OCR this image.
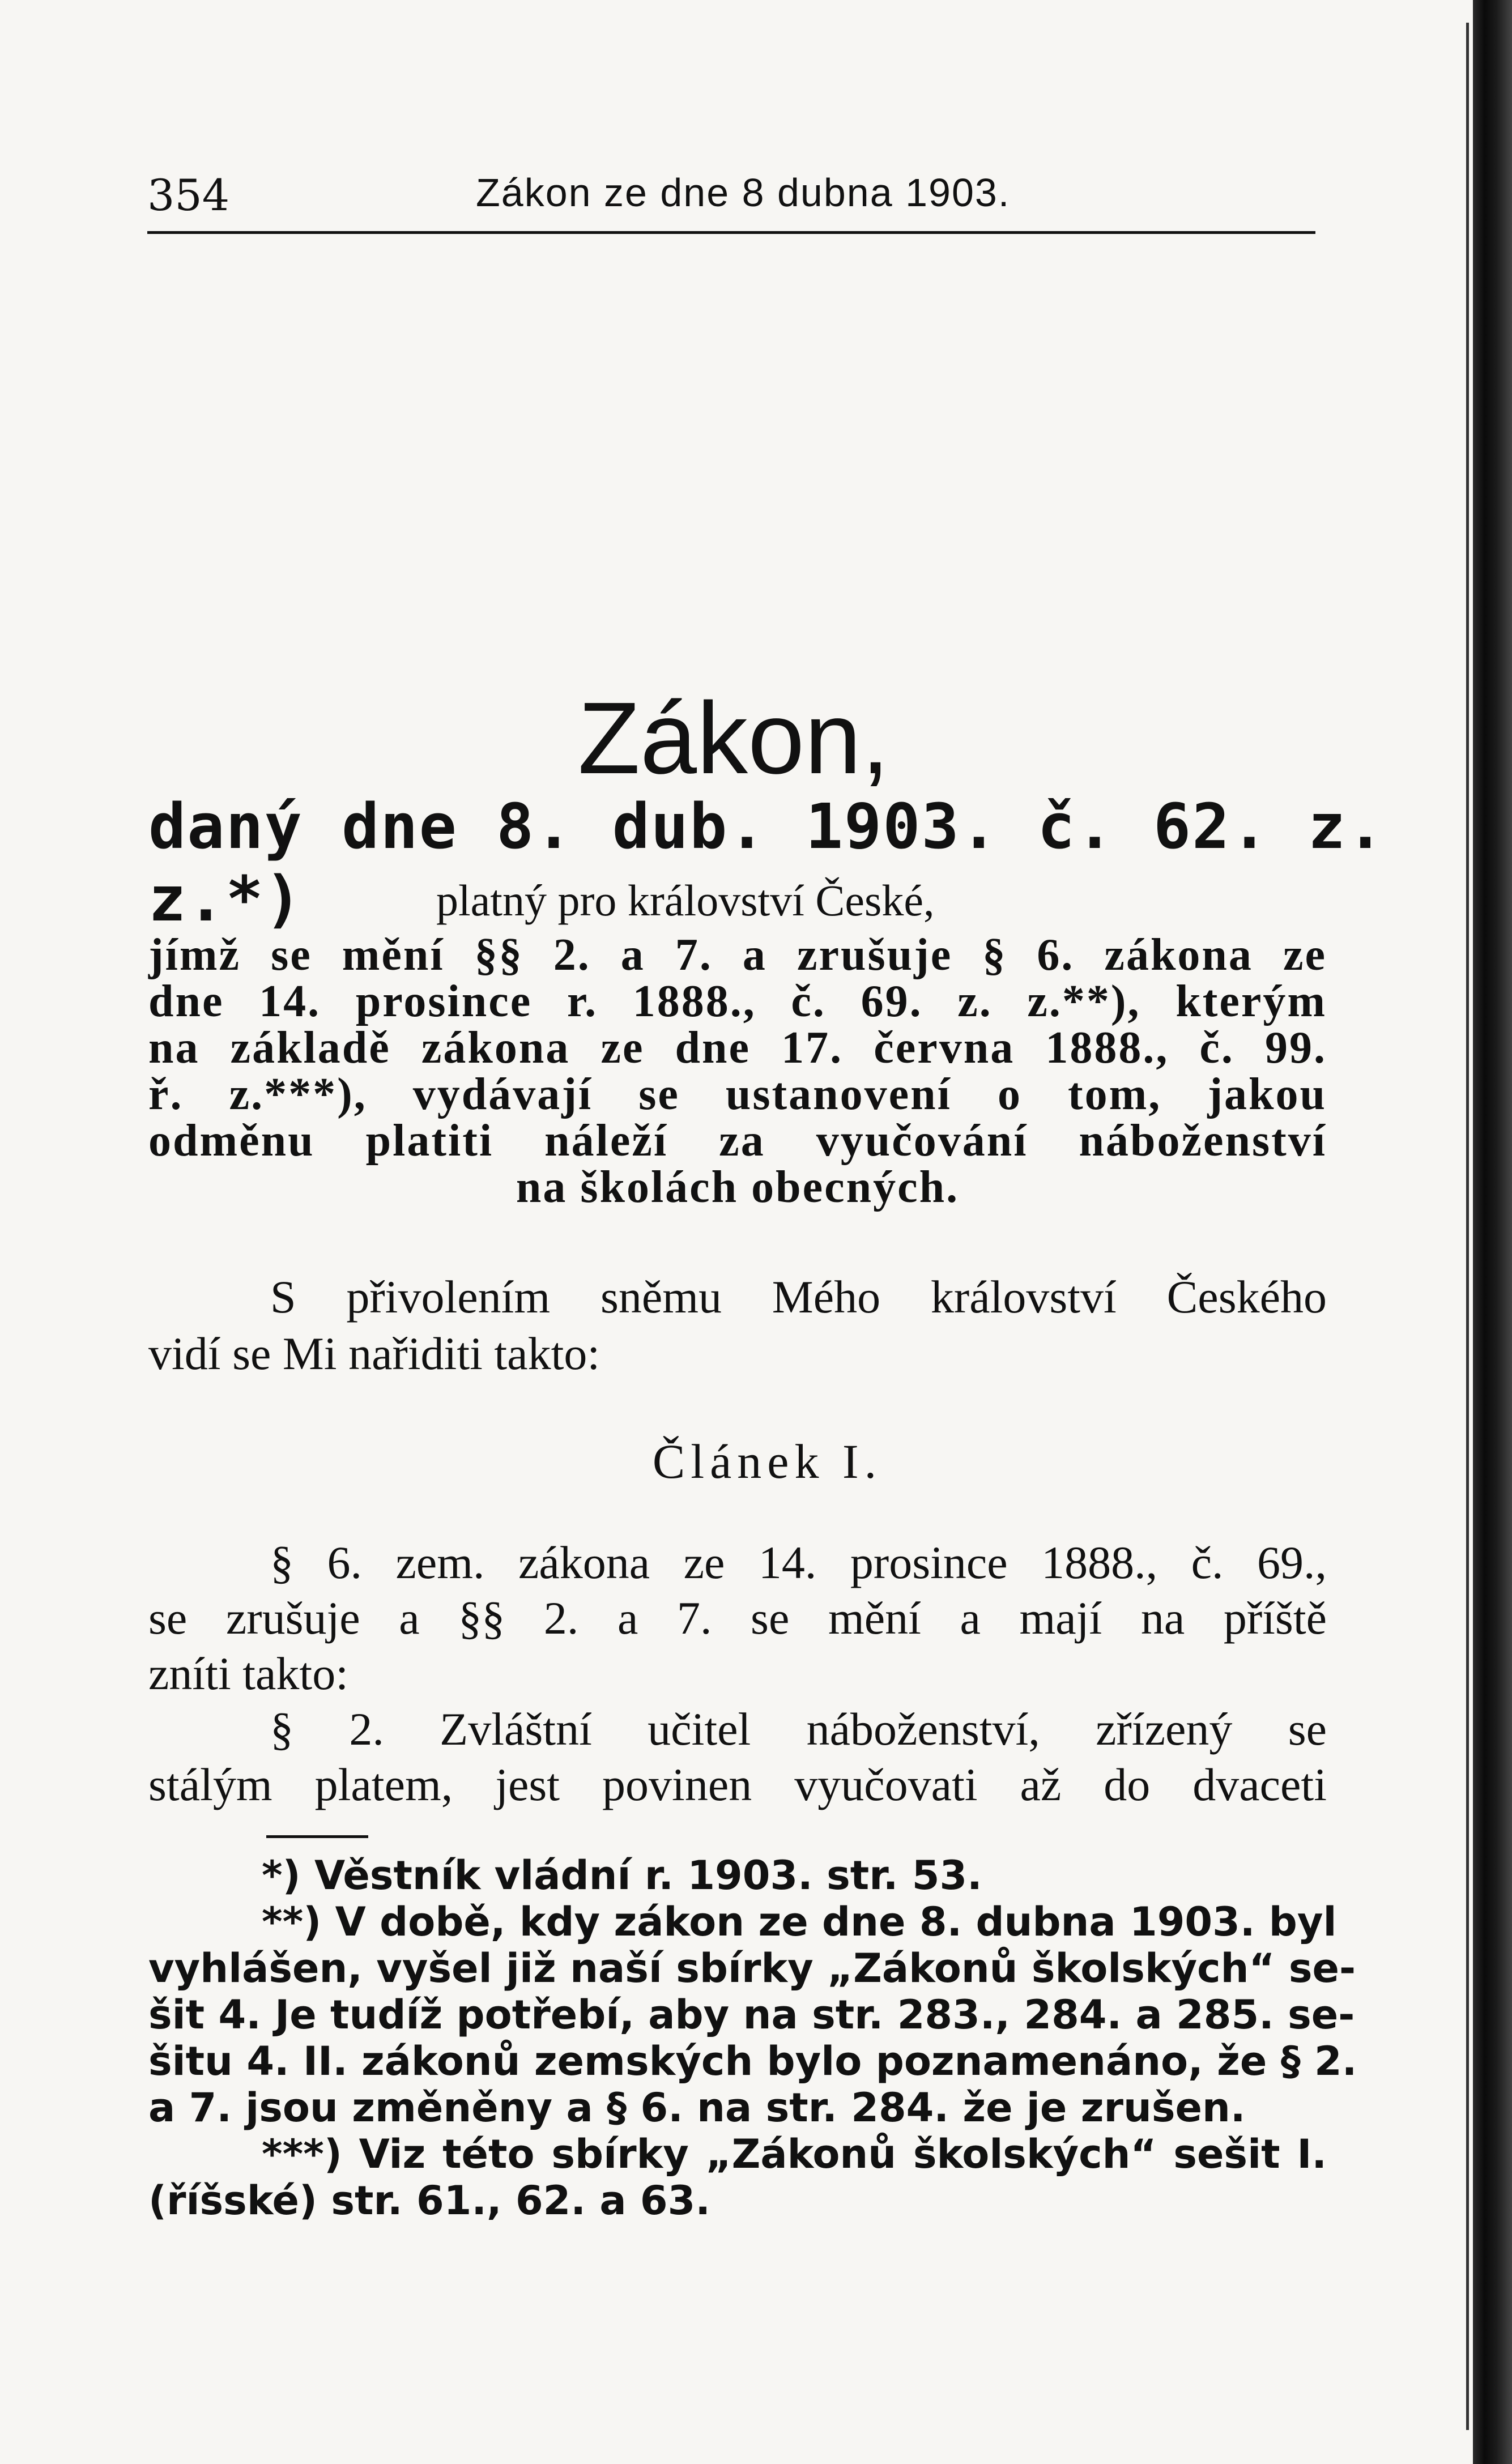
354	Zákon ze dne 8 dubna 1903.
Zákon,
daný dne 8. dub. 1903. č. 62. z. z.*)	platný pro království České,
jímž se mění §§ 2. a 7. a zrušuje § 6. zákona ze
dne 14. prosince r. 1888., č. 69. z. z.**), kterým
na základě zákona ze dne 17. června 1888., č. 99.
ř. z.***), vydávají se ustanovení o tom, jakou
odměnu platiti náleží za vyučování náboženství
na školách obecných.
S přivolením sněmu Mého království Českého
vidí se Mi nařiditi takto:
Článek I.
§ 6. zem. zákona ze 14. prosince 1888., č. 69.,
se zrušuje a §§ 2. a 7. se mění a mají na příště
zníti takto:
§ 2. Zvláštní učitel náboženství, zřízený se
stálým platem, jest povinen vyučovati až do dvaceti
*) Věstník vládní r. 1903. str. 53.
**) V době, kdy zákon ze dne 8. dubna 1903. byl
vyhlášen, vyšel již naší sbírky „Zákonů školských“ se-
šit 4. Je tudíž potřebí, aby na str. 283., 284. a 285. se-
šitu 4. II. zákonů zemských bylo poznamenáno, že § 2.
a 7. jsou změněny a § 6. na str. 284. že je zrušen.
***) Viz této sbírky „Zákonů školských“ sešit I.
(říšské) str. 61., 62. a 63.
